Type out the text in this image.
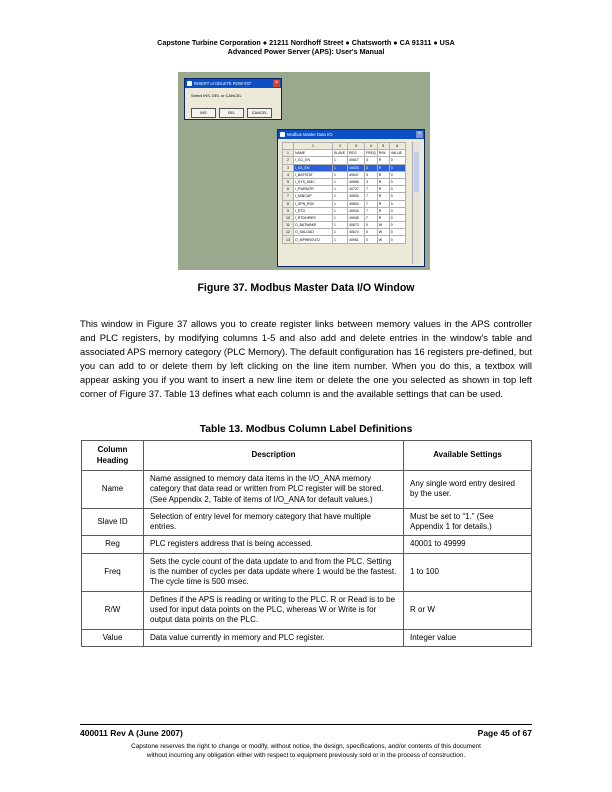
Capstone Turbine Corporation ● 21211 Nordhoff Street ● Chatsworth ● CA 91311 ● USA
Advanced Power Server (APS): User's Manual
INSERT or DELETE ROW #37	×
Select INS, DEL or CANCEL
INS	DEL	CANCEL
Modbus Master Data I/O	×
	1	2	3	4	5	6
1	NAME	SLAVE	REG	FREQ	R/W	VALUE
2	I_GC_EN	1	40617	3	R	0
3	I_SA_EN	1	40635	3	R	0
4	I_BATSTAT	1	40647	3	R	0
5	I_SYS_DMC	1	40656	3	R	0
6	I_PWRMTR	1	40727	7	R	0
7	I_MINCAP	1	40833	7	R	0
8	I_SPN_RSV	1	40834	7	R	0
9	I_RTD	1	40934	7	R	0
10	I_RTDHIRES	1	40945	7	R	0
11	O_BATWAKE	1	40673	0	W	0
12	O_SALOAD	1	40674	0	W	0
13	O_MPWROUT2	1	40961	0	W	0
Figure 37. Modbus Master Data I/O Window

This window in Figure 37 allows you to create register links between memory values in the APS controller and PLC registers, by modifying columns 1-5 and also add and delete entries in the window's table and associated APS memory category (PLC Memory). The default configuration has 16 registers pre-defined, but you can add to or delete them by left clicking on the line item number. When you do this, a textbox will appear asking you if you want to insert a new line item or delete the one you selected as shown in top left corner of Figure 37. Table 13 defines what each column is and the available settings that can be used.

Table 13. Modbus Column Label Definitions
Column Heading	Description	Available Settings
Name	Name assigned to memory data items in the I/O_ANA memory category that data read or written from PLC register will be stored. (See Appendix 2, Table of items of I/O_ANA for default values.)	Any single word entry desired by the user.
Slave ID	Selection of entry level for memory category that have multiple entries.	Must be set to “1.” (See Appendix 1 for details.)
Reg	PLC registers address that is being accessed.	40001 to 49999
Freq	Sets the cycle count of the data update to and from the PLC. Setting is the number of cycles per data update where 1 would be the fastest. The cycle time is 500 msec.	1 to 100
R/W	Defines if the APS is reading or writing to the PLC. R or Read is to be used for input data points on the PLC, whereas W or Write is for output data points on the PLC.	R or W
Value	Data value currently in memory and PLC register.	Integer value
400011 Rev A (June 2007)	Page 45 of 67
Capstone reserves the right to change or modify, without notice, the design, specifications, and/or contents of this document
without incurring any obligation either with respect to equipment previously sold or in the process of construction.
